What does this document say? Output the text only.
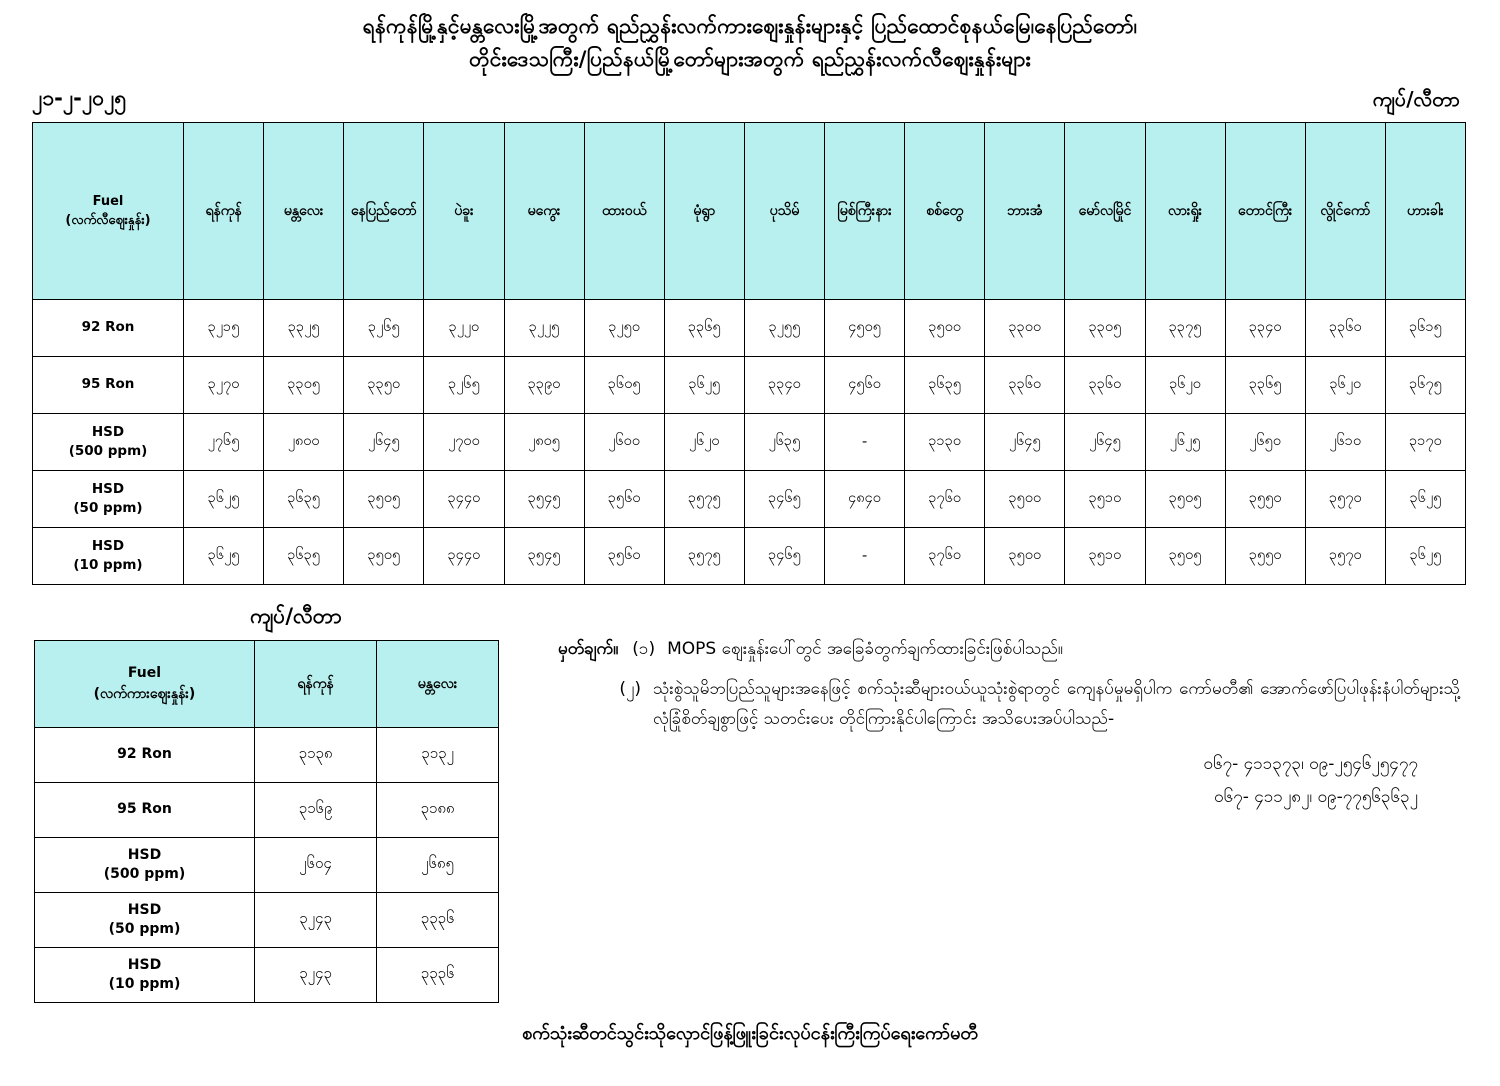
ရန်ကုန်မြို့နှင့်မန္တလေးမြို့အတွက် ရည်ညွှန်းလက်ကားဈေးနှုန်းများနှင့် ပြည်ထောင်စုနယ်မြေ၊နေပြည်တော်၊
တိုင်းဒေသကြီး/ပြည်နယ်မြို့တော်များအတွက် ရည်ညွှန်းလက်လီဈေးနှုန်းများ
၂၁-၂-၂၀၂၅	ကျပ်/လီတာ
Fuel
(လက်လီဈေးနှုန်း)	ရန်ကုန်	မန္တလေး	နေပြည်တော်	ပဲခူး	မကွေး	ထားဝယ်	မုံရွာ	ပုသိမ်	မြစ်ကြီးနား	စစ်တွေ	ဘားအံ	မော်လမြိုင်	လားရှိုး	တောင်ကြီး	လွိုင်ကော်	ဟားခါး

92 Ron	၃၂၁၅	၃၃၂၅	၃၂၆၅	၃၂၂၀	၃၂၂၅	၃၂၅၀	၃၃၆၅	၃၂၅၅	၄၅၀၅	၃၅၀၀	၃၃၀၀	၃၃၀၅	၃၃၇၅	၃၃၄၀	၃၃၆၀	၃၆၁၅

95 Ron	၃၂၇၀	၃၃၀၅	၃၃၅၀	၃၂၆၅	၃၃၉၀	၃၆၀၅	၃၆၂၅	၃၃၄၀	၄၅၆၀	၃၆၃၅	၃၃၆၀	၃၃၆၀	၃၆၂၀	၃၃၆၅	၃၆၂၀	၃၆၇၅

HSD
(500 ppm)	၂၇၆၅	၂၈၀၀	၂၆၄၅	၂၇၀၀	၂၈၀၅	၂၆၀၀	၂၆၂၀	၂၆၃၅	-	၃၁၃၀	၂၆၄၅	၂၆၄၅	၂၆၂၅	၂၆၅၀	၂၆၁၀	၃၁၇၀

HSD
(50 ppm)	၃၆၂၅	၃၆၃၅	၃၅၀၅	၃၄၄၀	၃၅၄၅	၃၅၆၀	၃၅၇၅	၃၄၆၅	၄၈၄၀	၃၇၆၀	၃၅၀၀	၃၅၁၀	၃၅၀၅	၃၅၅၀	၃၅၇၀	၃၆၂၅

HSD
(10 ppm)	၃၆၂၅	၃၆၃၅	၃၅၀၅	၃၄၄၀	၃၅၄၅	၃၅၆၀	၃၅၇၅	၃၄၆၅	-	၃၇၆၀	၃၅၀၀	၃၅၁၀	၃၅၀၅	၃၅၅၀	၃၅၇၀	၃၆၂၅
ကျပ်/လီတာ
Fuel
(လက်ကားဈေးနှုန်း)	ရန်ကုန်	မန္တလေး

92 Ron	၃၁၃၈	၃၁၃၂

95 Ron	၃၁၆၉	၃၁၈၈

HSD
(500 ppm)	၂၆၀၄	၂၆၈၅

HSD
(50 ppm)	၃၂၄၃	၃၃၃၆

HSD
(10 ppm)	၃၂၄၃	၃၃၃၆
မှတ်ချက်။ (၁) MOPS ဈေးနှုန်းပေါ်တွင် အခြေခံတွက်ချက်ထားခြင်းဖြစ်ပါသည်။

(၂) သုံးစွဲသူမိဘပြည်သူများအနေဖြင့် စက်သုံးဆီများဝယ်ယူသုံးစွဲရာတွင် ကျေနပ်မှုမရှိပါက ကော်မတီ၏ အောက်ဖော်ပြပါဖုန်းနံပါတ်များသို့ လုံခြုံစိတ်ချစွာဖြင့် သတင်းပေး တိုင်ကြားနိုင်ပါကြောင်း အသိပေးအပ်ပါသည်-
၀၆၇- ၄၁၁၃၇၃၊ ၀၉-၂၅၄၆၂၅၄၇၇
၀၆၇- ၄၁၁၂၈၂၊ ၀၉-၇၇၅၆၃၆၃၂
စက်သုံးဆီတင်သွင်းသိုလှောင်ဖြန့်ဖြူးခြင်းလုပ်ငန်းကြီးကြပ်ရေးကော်မတီ
